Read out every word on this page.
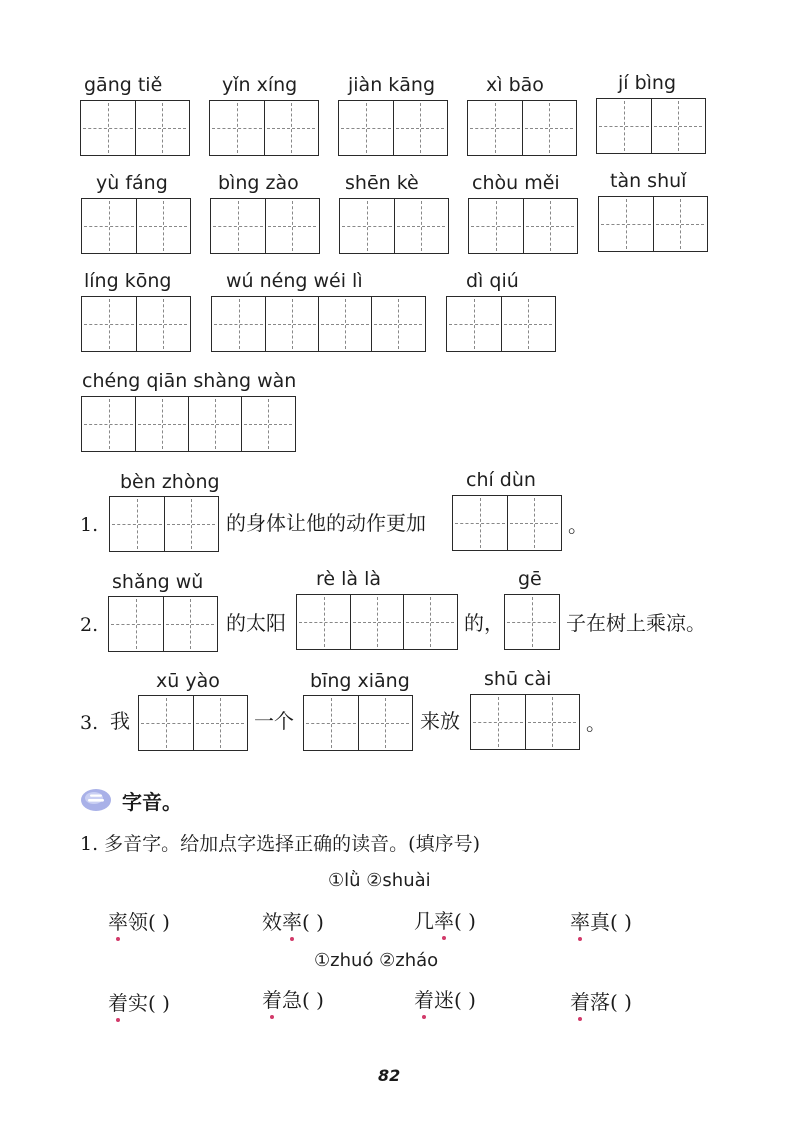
gāng tiě	yǐn xíng	jiàn kāng	xì bāo	jí bìng
yù fáng	bìng zào shēn kè	chòu měi	tàn shuǐ
líng kōng	wú néng wéi lì	dì qiú
chéng qiān shàng wàn
bèn zhòng
1.	的身体让他的动作更加
chí dùn
。
shǎng wǔ
2.	的太阳
rè là là
的，
gē
子在树上乘凉。
xū yào
3. 我	一个
bīng xiāng
来放
shū cài
。
字音。
1. 多音字。给加点字选择正确的读音。(填序号)
①lǜ ②shuài
率
领( )	效率
( )	几率
( )	率
真( )
①zhuó ②zháo
着
实( )	着
急( )	着
迷( )	着
落( )
82
